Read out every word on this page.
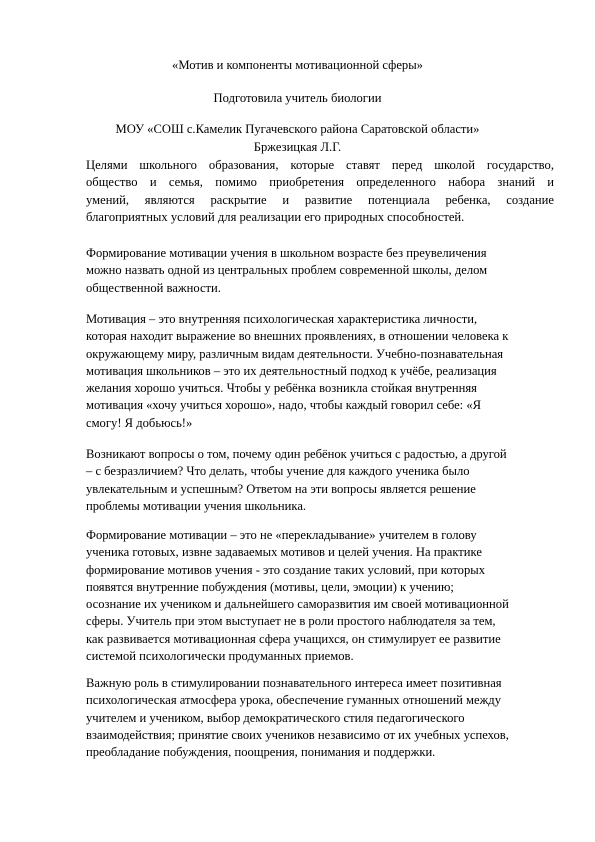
«Мотив и компоненты мотивационной сферы»
Подготовила учитель биологии
МОУ «СОШ с.Камелик Пугачевского района Саратовской области»
Бржезицкая Л.Г.
Целями школьного образования, которые ставят перед школой государство,
общество и семья, помимо приобретения определенного набора знаний и
умений, являются раскрытие и развитие потенциала ребенка, создание
благоприятных условий для реализации его природных способностей.
Формирование мотивации учения в школьном возрасте без преувеличения
можно назвать одной из центральных проблем современной школы, делом
общественной важности.
Мотивация – это внутренняя психологическая характеристика личности,
которая находит выражение во внешних проявлениях, в отношении человека к
окружающему миру, различным видам деятельности. Учебно-познавательная
мотивация школьников – это их деятельностный подход к учёбе, реализация
желания хорошо учиться. Чтобы у ребёнка возникла стойкая внутренняя
мотивация «хочу учиться хорошо», надо, чтобы каждый говорил себе: «Я
смогу! Я добьюсь!»
Возникают вопросы о том, почему один ребёнок учиться с радостью, а другой
– с безразличием? Что делать, чтобы учение для каждого ученика было
увлекательным и успешным? Ответом на эти вопросы является решение
проблемы мотивации учения школьника.
Формирование мотивации – это не «перекладывание» учителем в голову
ученика готовых, извне задаваемых мотивов и целей учения. На практике
формирование мотивов учения - это создание таких условий, при которых
появятся внутренние побуждения (мотивы, цели, эмоции) к учению;
осознание их учеником и дальнейшего саморазвития им своей мотивационной
сферы. Учитель при этом выступает не в роли простого наблюдателя за тем,
как развивается мотивационная сфера учащихся, он стимулирует ее развитие
системой психологически продуманных приемов.
Важную роль в стимулировании познавательного интереса имеет позитивная
психологическая атмосфера урока, обеспечение гуманных отношений между
учителем и учеником, выбор демократического стиля педагогического
взаимодействия; принятие своих учеников независимо от их учебных успехов,
преобладание побуждения, поощрения, понимания и поддержки.
